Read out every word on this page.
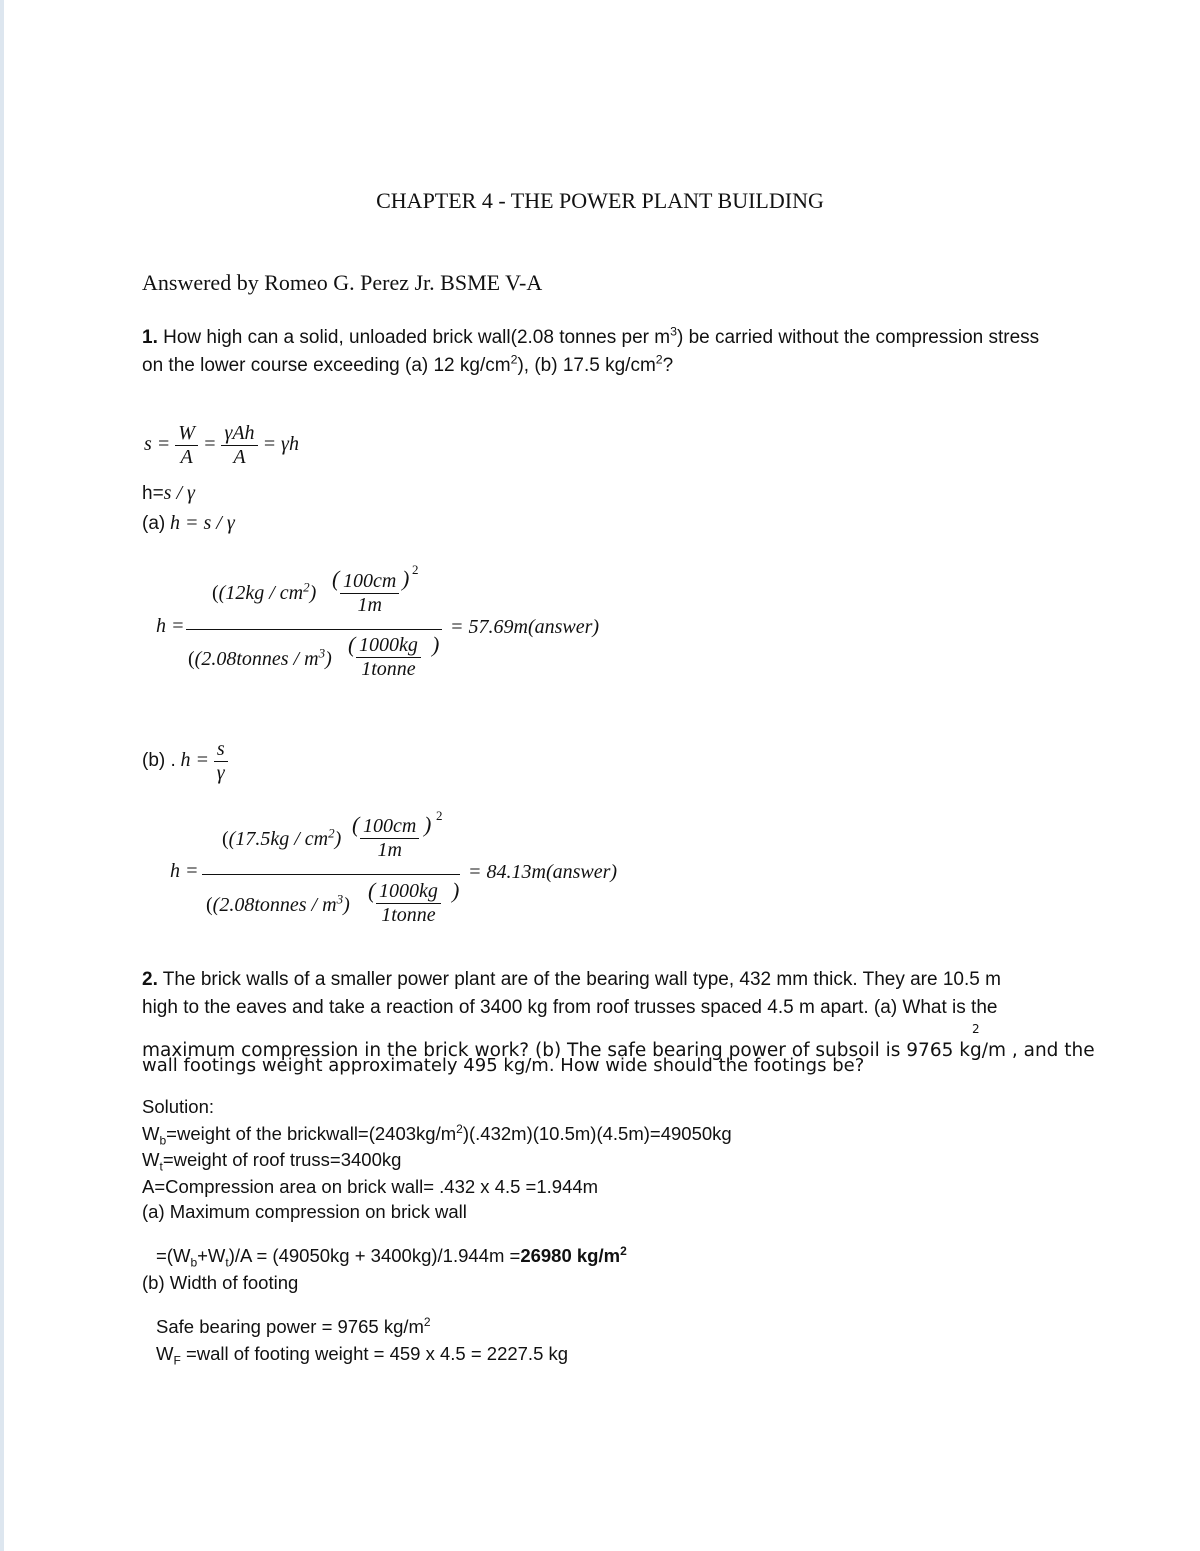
CHAPTER 4 - THE POWER PLANT BUILDING
Answered by Romeo G. Perez Jr. BSME V-A
1. How high can a solid, unloaded brick wall(2.08 tonnes per $m^3$) be carried without the compression stress
on the lower course exceeding (a) 12 $kg/cm^2$), (b) 17.5 $kg/cm^2$?
$s = \frac{W}{A} = \frac{\text{γAh}}{A} = \gamma h$
h=s / γ
(a) h = s / γ
h =
($(12kg / cm^2)$
( $\frac{100cm}{1m}$ ) 2
((2.08tonnes / $m^3$)
( $\frac{1000kg}{\text{1tonne}}$ )
= 57.69m(answer)
(b) . $h = \frac{s}{\gamma}$
h =
($(17.5kg / cm^2)$
( $\frac{100cm}{1m}$ ) 2
((2.08tonnes / $m^3$)
( $\frac{1000kg}{\text{1tonne}}$ )
= 84.13m(answer)
2. The brick walls of a smaller power plant are of the bearing wall type, 432 mm thick. They are 10.5 m
high to the eaves and take a reaction of 3400 kg from roof trusses spaced 4.5 m apart. (a) What is the
2
maximum compression in the brick work? (b) The safe bearing power of subsoil is 9765 kg/m , and the
wall footings weight approximately 495 kg/m. How wide should the footings be?
Solution:
$W_b=weight$ of the $brickwall=(2403kg/m^2)(.432m)(10.5m)(4.5m)=49050kg$
$W_t=weight$ of roof truss=3400kg
A=Compression area on brick wall= .432 x 4.5 =1.944m
(a) Maximum compression on brick wall
$=(W_b+W_t)/A = (49050kg + 3400kg)/1.944m =26980$ $kg/m^2$
(b) Width of footing
Safe bearing power = 9765 $kg/m^2$
$W_F$ =wall of footing weight = 459 x 4.5 = 2227.5 kg
